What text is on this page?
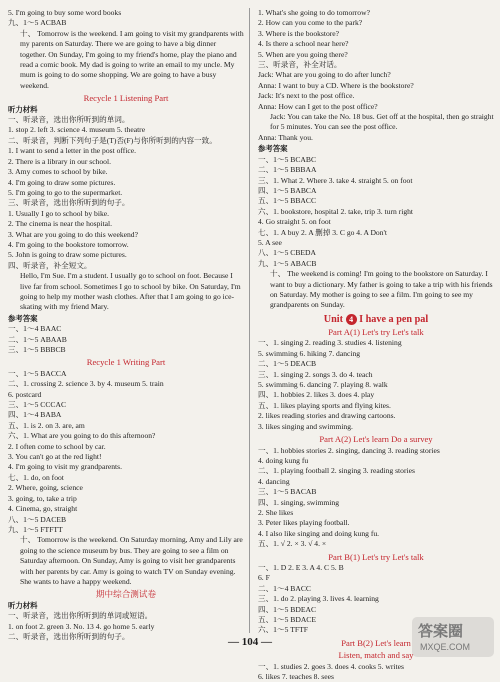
5. I'm going to buy some word books
九、1～5 ACBAB
十、 Tomorrow is the weekend. I am going to visit my grandparents with my parents on Saturday. There we are going to have a big dinner together. On Sunday, I'm going to my friend's home, play the piano and read a comic book. My dad is going to write an email to my uncle. My mum is going to do some shopping. We are going to have a busy weekend.
Recycle 1 Listening Part
听力材料
一、听录音，选出你所听到的单词。
1. stop 2. left 3. science 4. museum 5. theatre
二、听录音，判断下列句子是(T)否(F)与你所听到的内容一致。
1. I want to send a letter in the post office.
2. There is a library in our school.
3. Amy comes to school by bike.
4. I'm going to draw some pictures.
5. I'm going to go to the supermarket.
三、听录音，选出你所听到的句子。
1. Usually I go to school by bike.
2. The cinema is near the hospital.
3. What are you going to do this weekend?
4. I'm going to the bookstore tomorrow.
5. John is going to draw some pictures.
四、听录音，补全短文。
Hello, I'm Sue. I'm a student. I usually go to school on foot. Because I live far from school. Sometimes I go to school by bike. On Saturday, I'm going to help my mother wash clothes. After that I am going to go ice-skating with my friend Mary.
参考答案
一、1～4 BAAC
二、1～5 ABAAB
三、1～5 BBBCB
Recycle 1 Writing Part
一、1～5 BACCA
二、1. crossing 2. science 3. by 4. museum 5. train
6. postcard
三、1～5 CCCAC
四、1～4 BABA
五、1. is 2. on 3. are, am
六、1. What are you going to do this afternoon?
2. I often come to school by car.
3. You can't go at the red light!
4. I'm going to visit my grandparents.
七、1. do, on foot
2. Where, going, science
3. going, to, take a trip
4. Cinema, go, straight
八、1～5 DACEB
九、1～5 FTFTT
十、 Tomorrow is the weekend. On Saturday morning, Amy and Lily are going to the science museum by bus. They are going to see a film on Saturday afternoon. On Sunday, Amy is going to visit her grandparents with her parents by car. Amy is going to watch TV on Sunday evening. She wants to have a happy weekend.
期中综合测试卷
听力材料
一、听录音，选出你所听到的单词或短语。
1. on foot 2. green 3. No. 13 4. go home 5. early
二、听录音，选出你所听到的句子。
1. What's she going to do tomorrow?
2. How can you come to the park?
3. Where is the bookstore?
4. Is there a school near here?
5. When are you going there?
三、听录音，补全对话。
Jack: What are you going to do after lunch?
Anna: I want to buy a CD. Where is the bookstore?
Jack: It's next to the post office.
Anna: How can I get to the post office?
Jack: You can take the No. 18 bus. Get off at the hospital, then go straight for 5 minutes. You can see the post office.
Anna: Thank you.
参考答案
一、1～5 BCABC
二、1～5 BBBAA
三、1. What 2. Where 3. take 4. straight 5. on foot
四、1～5 BABCA
五、1～5 BBACC
六、1. bookstore, hospital 2. take, trip 3. turn right
4. Go straight 5. on foot
七、1. A buy 2. A 删掉 3. C go 4. A Don't
5. A see
八、1～5 CBEDA
九、1～5 ABACB
十、 The weekend is coming! I'm going to the bookstore on Saturday. I want to buy a dictionary. My father is going to take a trip with his friends on Saturday. My mother is going to see a film. I'm going to see my grandparents on Sunday.
Unit 4 I have a pen pal
Part A(1) Let's try Let's talk
一、1. singing 2. reading 3. studies 4. listening
5. swimming 6. hiking 7. dancing
二、1～5 DEACB
三、1. singing 2. songs 3. do 4. teach
5. swimming 6. dancing 7. playing 8. walk
四、1. hobbies 2. likes 3. does 4. play
五、1. likes playing sports and flying kites.
2. likes reading stories and drawing cartoons.
3. likes singing and swimming.
Part A(2) Let's learn Do a survey
一、1. hobbies stories 2. singing, dancing 3. reading stories
4. doing kung fu
二、1. playing football 2. singing 3. reading stories
4. dancing
三、1～5 BACAB
四、1. singing, swimming
2. She likes
3. Peter likes playing football.
4. I also like singing and doing kung fu.
五、1. √ 2. × 3. √ 4. ×
Part B(1) Let's try Let's talk
一、1. D 2. E 3. A 4. C 5. B
6. F
二、1～4 BACC
三、1. do 2. playing 3. lives 4. learning
四、1～5 BDEAC
五、1～5 BDACE
六、1～5 TFTF
Part B(2) Let's learn
Listen, match and say
一、1. studies 2. goes 3. does 4. cooks 5. writes
6. likes 7. teaches 8. sees
— 104 —
答案圈
MXQE.COM
